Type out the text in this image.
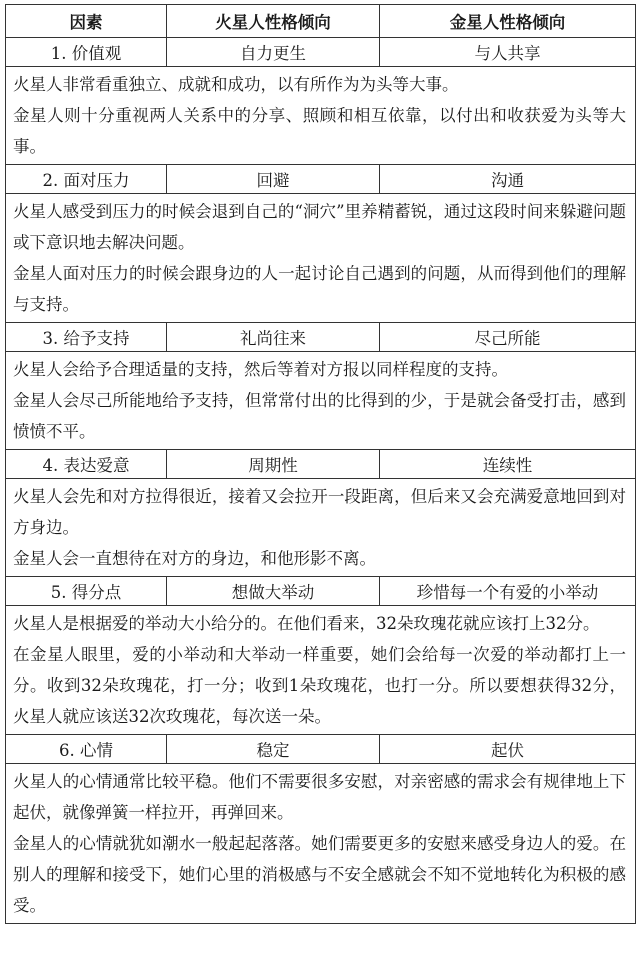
因素	火星人性格倾向	金星人性格倾向
1. 价值观	自力更生	与人共享

火星人非常看重独立、成就和成功，以有所作为为头等大事。

金星人则十分重视两人关系中的分享、照顾和相互依靠，以付出和收获爱为头等大事。		

2. 面对压力	回避	沟通

火星人感受到压力的时候会退到自己的“洞穴”里养精蓄锐，通过这段时间来躲避问题或下意识地去解决问题。

金星人面对压力的时候会跟身边的人一起讨论自己遇到的问题，从而得到他们的理解与支持。		

3. 给予支持	礼尚往来	尽己所能

火星人会给予合理适量的支持，然后等着对方报以同样程度的支持。

金星人会尽己所能地给予支持，但常常付出的比得到的少，于是就会备受打击，感到愤愤不平。		

4. 表达爱意	周期性	连续性

火星人会先和对方拉得很近，接着又会拉开一段距离，但后来又会充满爱意地回到对方身边。

金星人会一直想待在对方的身边，和他形影不离。		

5. 得分点	想做大举动	珍惜每一个有爱的小举动

火星人是根据爱的举动大小给分的。在他们看来，32朵玫瑰花就应该打上32分。

在金星人眼里，爱的小举动和大举动一样重要，她们会给每一次爱的举动都打上一分。收到32朵玫瑰花，打一分；收到1朵玫瑰花，也打一分。所以要想获得32分，火星人就应该送32次玫瑰花，每次送一朵。		

6. 心情	稳定	起伏

火星人的心情通常比较平稳。他们不需要很多安慰，对亲密感的需求会有规律地上下起伏，就像弹簧一样拉开，再弹回来。

金星人的心情就犹如潮水一般起起落落。她们需要更多的安慰来感受身边人的爱。在别人的理解和接受下，她们心里的消极感与不安全感就会不知不觉地转化为积极的感受。		
